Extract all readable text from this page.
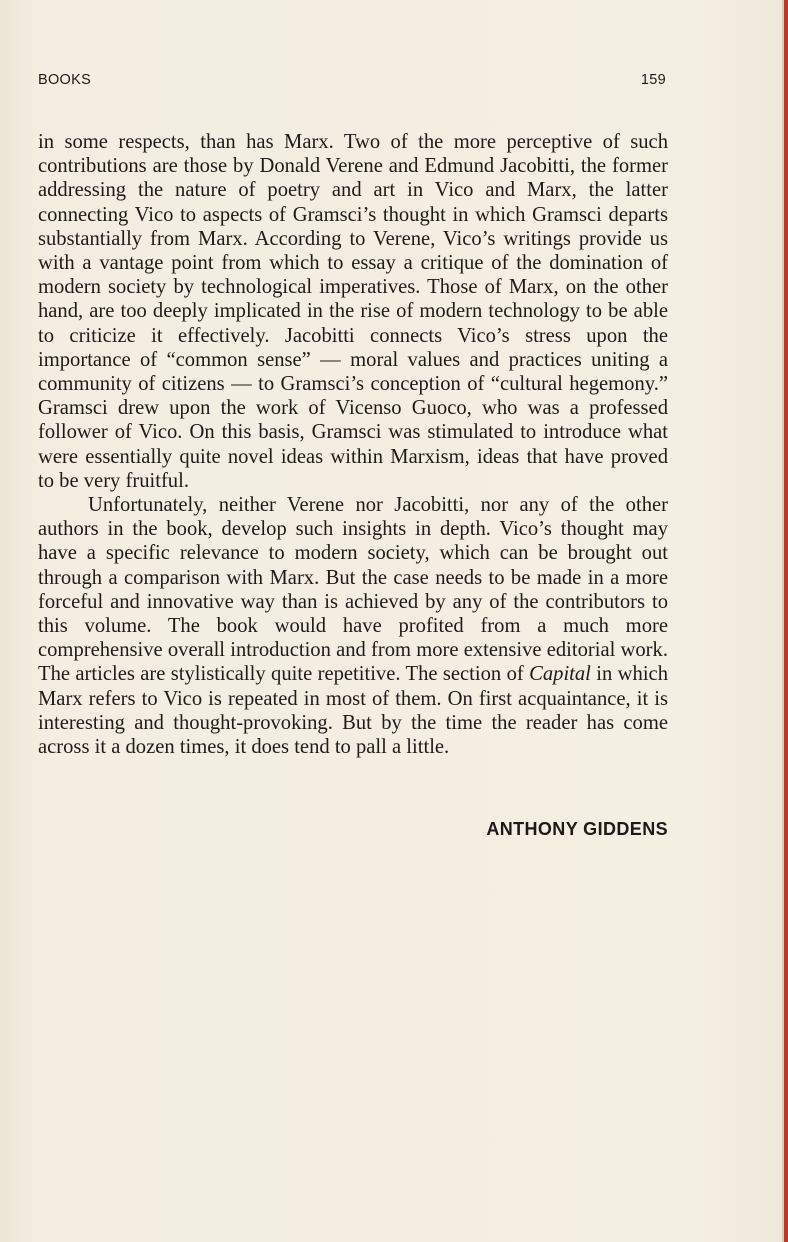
BOOKS	159

in some respects, than has Marx. Two of the more perceptive of such contributions are those by Donald Verene and Edmund Jacobitti, the former addressing the nature of poetry and art in Vico and Marx, the latter connecting Vico to aspects of Gramsci’s thought in which Gramsci departs substantially from Marx. According to Verene, Vico’s writings provide us with a vantage point from which to essay a critique of the domination of modern society by technological imperatives. Those of Marx, on the other hand, are too deeply implicated in the rise of modern technology to be able to criticize it effectively. Jacobitti connects Vico’s stress upon the importance of “common sense” — moral values and practices uniting a community of citizens — to Gramsci’s conception of “cultural hegemony.” Gramsci drew upon the work of Vicenso Guoco, who was a professed follower of Vico. On this basis, Gramsci was stimulated to introduce what were essentially quite novel ideas within Marxism, ideas that have proved to be very fruitful.

Unfortunately, neither Verene nor Jacobitti, nor any of the other authors in the book, develop such insights in depth. Vico’s thought may have a specific relevance to modern society, which can be brought out through a comparison with Marx. But the case needs to be made in a more forceful and innovative way than is achieved by any of the contributors to this volume. The book would have profited from a much more comprehensive overall introduction and from more extensive editorial work. The articles are stylistically quite repetitive. The section of Capital in which Marx refers to Vico is repeated in most of them. On first acquaintance, it is interesting and thought-provoking. But by the time the reader has come across it a dozen times, it does tend to pall a little.

ANTHONY GIDDENS
